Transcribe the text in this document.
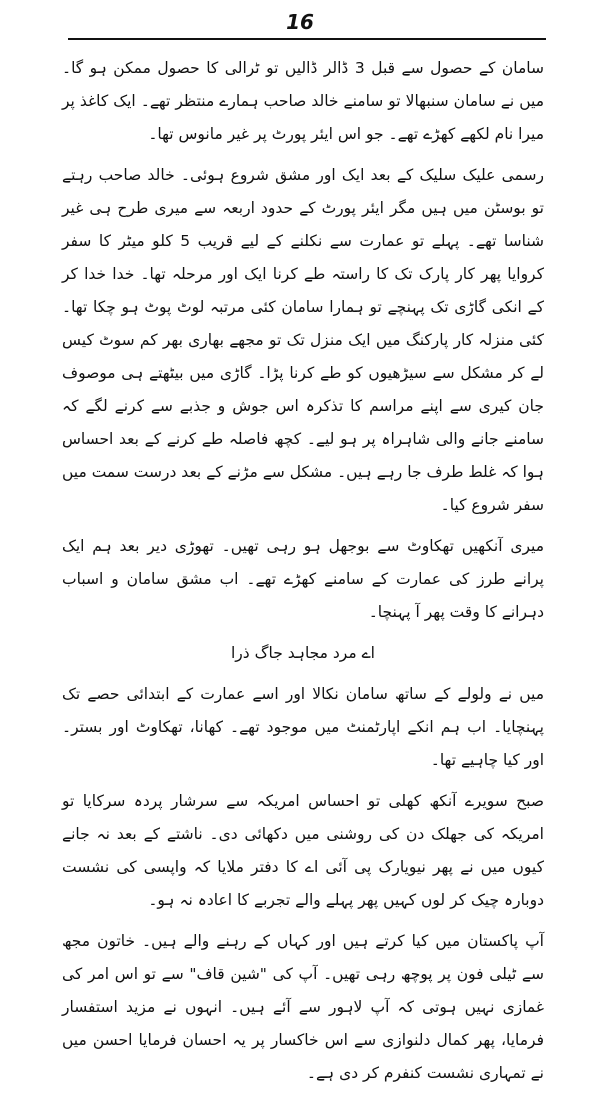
16

سامان کے حصول سے قبل 3 ڈالر ڈالیں تو ٹرالی کا حصول ممکن ہو گا۔ میں نے سامان سنبھالا تو سامنے خالد صاحب ہمارے منتظر تھے۔ ایک کاغذ پر میرا نام لکھے کھڑے تھے۔ جو اس ایئر پورٹ پر غیر مانوس تھا۔

رسمی علیک سلیک کے بعد ایک اور مشق شروع ہوئی۔ خالد صاحب رہتے تو بوسٹن میں ہیں مگر ایئر پورٹ کے حدود اربعہ سے میری طرح ہی غیر شناسا تھے۔ پہلے تو عمارت سے نکلنے کے لیے قریب 5 کلو میٹر کا سفر کروایا پھر کار پارک تک کا راستہ طے کرنا ایک اور مرحلہ تھا۔ خدا خدا کر کے انکی گاڑی تک پہنچے تو ہمارا سامان کئی مرتبہ لوٹ پوٹ ہو چکا تھا۔ کئی منزلہ کار پارکنگ میں ایک منزل تک تو مجھے بھاری بھر کم سوٹ کیس لے کر مشکل سے سیڑھیوں کو طے کرنا پڑا۔ گاڑی میں بیٹھتے ہی موصوف جان کیری سے اپنے مراسم کا تذکرہ اس جوش و جذبے سے کرنے لگے کہ سامنے جانے والی شاہراہ پر ہو لیے۔ کچھ فاصلہ طے کرنے کے بعد احساس ہوا کہ غلط طرف جا رہے ہیں۔ مشکل سے مڑنے کے بعد درست سمت میں سفر شروع کیا۔

میری آنکھیں تھکاوٹ سے بوجھل ہو رہی تھیں۔ تھوڑی دیر بعد ہم ایک پرانے طرز کی عمارت کے سامنے کھڑے تھے۔ اب مشق سامان و اسباب دہرانے کا وقت پھر آ پہنچا۔

اے مرد مجاہد جاگ ذرا

میں نے ولولے کے ساتھ سامان نکالا اور اسے عمارت کے ابتدائی حصے تک پہنچایا۔ اب ہم انکے اپارٹمنٹ میں موجود تھے۔ کھانا، تھکاوٹ اور بستر۔ اور کیا چاہیے تھا۔

صبح سویرے آنکھ کھلی تو احساس امریکہ سے سرشار پردہ سرکایا تو امریکہ کی جھلک دن کی روشنی میں دکھائی دی۔ ناشتے کے بعد نہ جانے کیوں میں نے پھر نیویارک پی آئی اے کا دفتر ملایا کہ واپسی کی نشست دوبارہ چیک کر لوں کہیں پھر پہلے والے تجربے کا اعادہ نہ ہو۔

آپ پاکستان میں کیا کرتے ہیں اور کہاں کے رہنے والے ہیں۔ خاتون مجھ سے ٹیلی فون پر پوچھ رہی تھیں۔ آپ کی "شین قاف" سے تو اس امر کی غمازی نہیں ہوتی کہ آپ لاہور سے آئے ہیں۔ انہوں نے مزید استفسار فرمایا، پھر کمال دلنوازی سے اس خاکسار پر یہ احسان فرمایا احسن میں نے تمہاری نشست کنفرم کر دی ہے۔
